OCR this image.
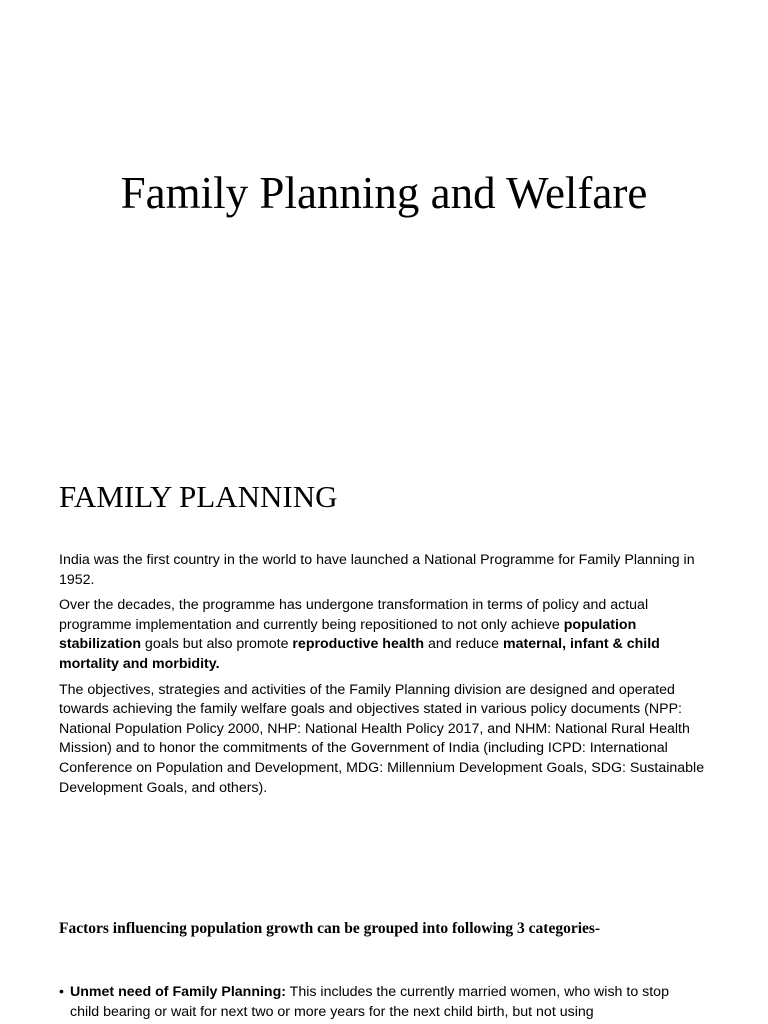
Family Planning and Welfare
FAMILY PLANNING

India was the first country in the world to have launched a National Programme for Family Planning in 1952.

Over the decades, the programme has undergone transformation in terms of policy and actual programme implementation and currently being repositioned to not only achieve population stabilization goals but also promote reproductive health and reduce maternal, infant & child mortality and morbidity.

The objectives, strategies and activities of the Family Planning division are designed and operated towards achieving the family welfare goals and objectives stated in various policy documents (NPP: National Population Policy 2000, NHP: National Health Policy 2017, and NHM: National Rural Health Mission) and to honor the commitments of the Government of India (including ICPD: International Conference on Population and Development, MDG: Millennium Development Goals, SDG: Sustainable Development Goals, and others).

Factors influencing population growth can be grouped into following 3 categories-
• Unmet need of Family Planning: This includes the currently married women, who wish to stop child bearing or wait for next two or more years for the next child birth, but not using
